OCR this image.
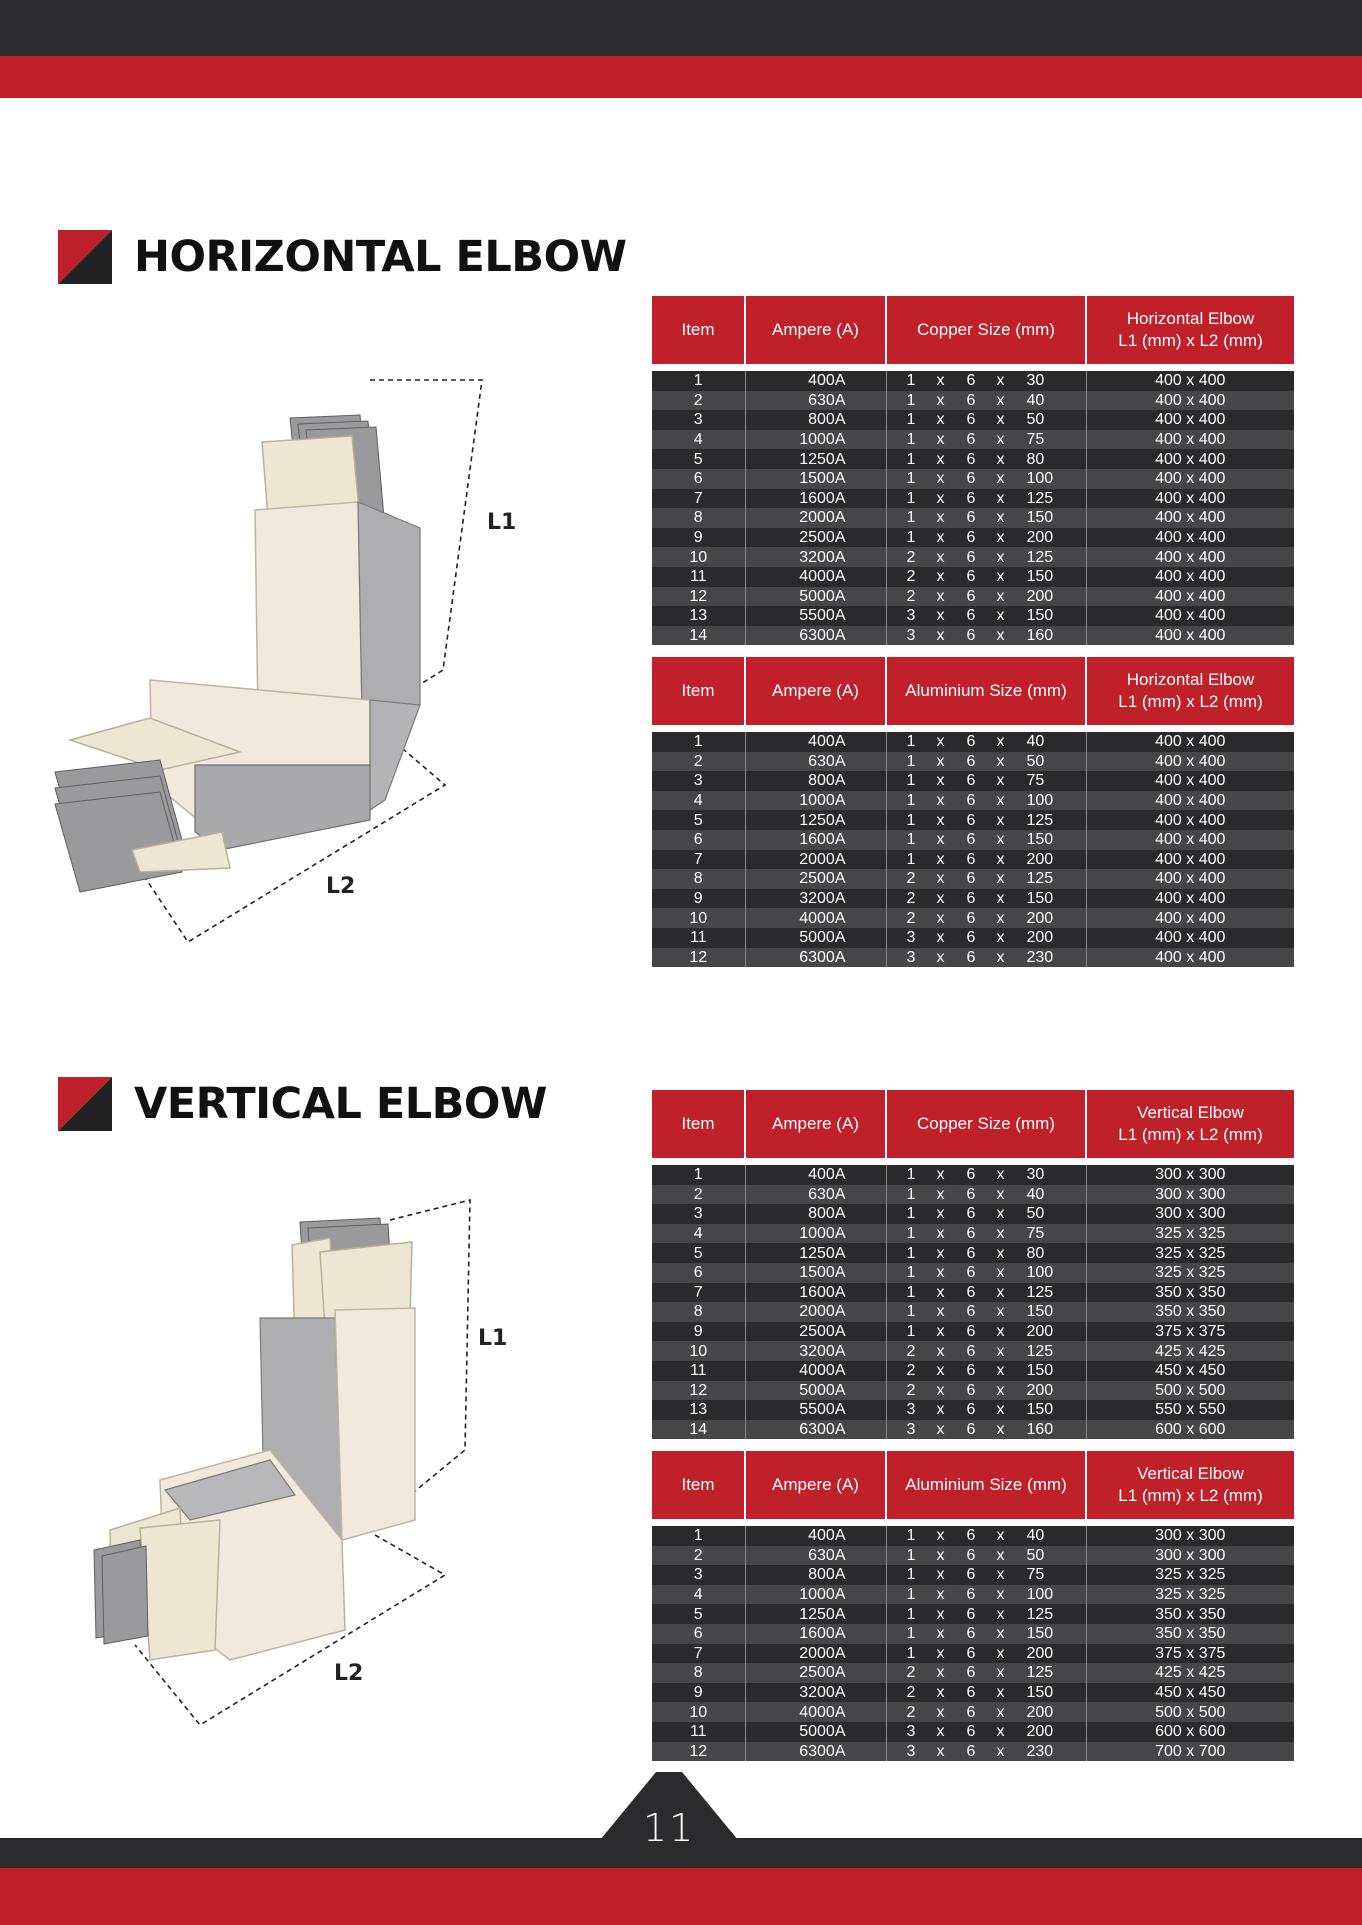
HORIZONTAL ELBOW
L1
L2
Item	Ampere (A)	Copper Size (mm)	Horizontal Elbow
L1 (mm) x L2 (mm)

1	400A	1 x 6 x 30	400 x 400
2	630A	1 x 6 x 40	400 x 400
3	800A	1 x 6 x 50	400 x 400
4	1000A	1 x 6 x 75	400 x 400
5	1250A	1 x 6 x 80	400 x 400
6	1500A	1 x 6 x 100	400 x 400
7	1600A	1 x 6 x 125	400 x 400
8	2000A	1 x 6 x 150	400 x 400
9	2500A	1 x 6 x 200	400 x 400
10	3200A	2 x 6 x 125	400 x 400
11	4000A	2 x 6 x 150	400 x 400
12	5000A	2 x 6 x 200	400 x 400
13	5500A	3 x 6 x 150	400 x 400
14	6300A	3 x 6 x 160	400 x 400
Item	Ampere (A)	Aluminium Size (mm)	Horizontal Elbow
L1 (mm) x L2 (mm)

1	400A	1 x 6 x 40	400 x 400
2	630A	1 x 6 x 50	400 x 400
3	800A	1 x 6 x 75	400 x 400
4	1000A	1 x 6 x 100	400 x 400
5	1250A	1 x 6 x 125	400 x 400
6	1600A	1 x 6 x 150	400 x 400
7	2000A	1 x 6 x 200	400 x 400
8	2500A	2 x 6 x 125	400 x 400
9	3200A	2 x 6 x 150	400 x 400
10	4000A	2 x 6 x 200	400 x 400
11	5000A	3 x 6 x 200	400 x 400
12	6300A	3 x 6 x 230	400 x 400
VERTICAL ELBOW
L1
L2
Item	Ampere (A)	Copper Size (mm)	Vertical Elbow
L1 (mm) x L2 (mm)

1	400A	1 x 6 x 30	300 x 300
2	630A	1 x 6 x 40	300 x 300
3	800A	1 x 6 x 50	300 x 300
4	1000A	1 x 6 x 75	325 x 325
5	1250A	1 x 6 x 80	325 x 325
6	1500A	1 x 6 x 100	325 x 325
7	1600A	1 x 6 x 125	350 x 350
8	2000A	1 x 6 x 150	350 x 350
9	2500A	1 x 6 x 200	375 x 375
10	3200A	2 x 6 x 125	425 x 425
11	4000A	2 x 6 x 150	450 x 450
12	5000A	2 x 6 x 200	500 x 500
13	5500A	3 x 6 x 150	550 x 550
14	6300A	3 x 6 x 160	600 x 600
Item	Ampere (A)	Aluminium Size (mm)	Vertical Elbow
L1 (mm) x L2 (mm)

1	400A	1 x 6 x 40	300 x 300
2	630A	1 x 6 x 50	300 x 300
3	800A	1 x 6 x 75	325 x 325
4	1000A	1 x 6 x 100	325 x 325
5	1250A	1 x 6 x 125	350 x 350
6	1600A	1 x 6 x 150	350 x 350
7	2000A	1 x 6 x 200	375 x 375
8	2500A	2 x 6 x 125	425 x 425
9	3200A	2 x 6 x 150	450 x 450
10	4000A	2 x 6 x 200	500 x 500
11	5000A	3 x 6 x 200	600 x 600
12	6300A	3 x 6 x 230	700 x 700
11
